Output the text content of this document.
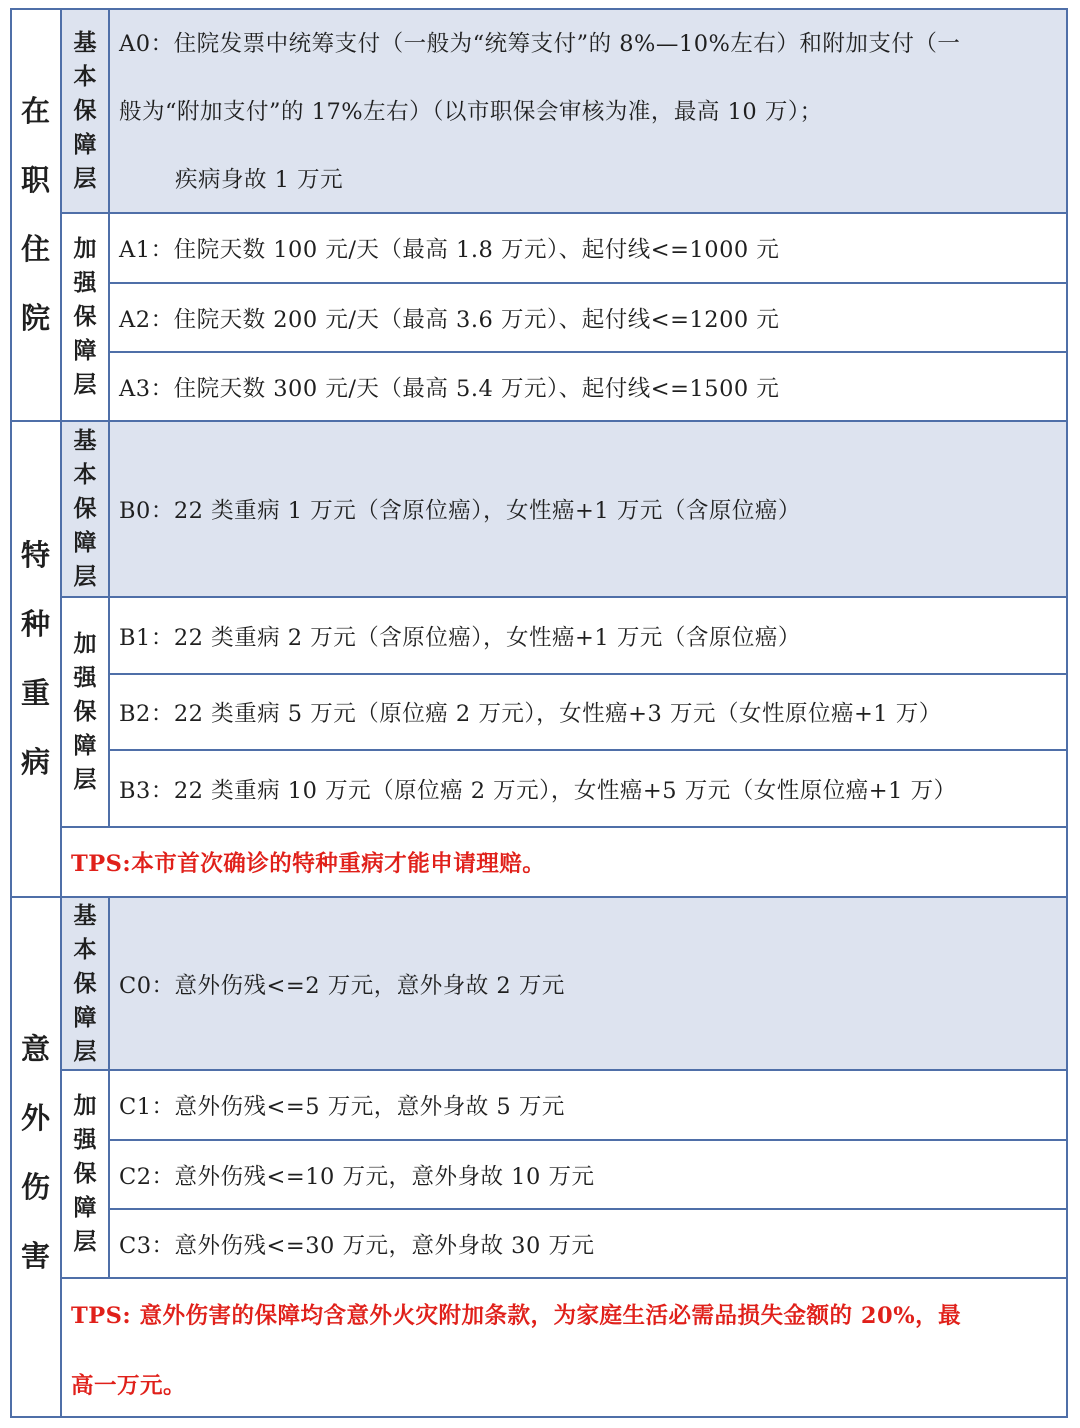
在
职
住
院
特
种
重
病
意
外
伤
害
基
本
保
障
层
加
强
保
障
层
基
本
保
障
层
加
强
保
障
层
基
本
保
障
层
加
强
保
障
层
A0：住院发票中统筹支付（一般为“统筹支付”的 8%—10%左右）和附加支付（一
般为“附加支付”的 17%左右）（以市职保会审核为准，最高 10 万）；
疾病身故 1 万元
A1：住院天数 100 元/天（最高 1.8 万元）、起付线<=1000 元
A2：住院天数 200 元/天（最高 3.6 万元）、起付线<=1200 元
A3：住院天数 300 元/天（最高 5.4 万元）、起付线<=1500 元
B0：22 类重病 1 万元（含原位癌），女性癌+1 万元（含原位癌）
B1：22 类重病 2 万元（含原位癌），女性癌+1 万元（含原位癌）
B2：22 类重病 5 万元（原位癌 2 万元），女性癌+3 万元（女性原位癌+1 万）
B3：22 类重病 10 万元（原位癌 2 万元），女性癌+5 万元（女性原位癌+1 万）
TPS:本市首次确诊的特种重病才能申请理赔。
C0：意外伤残<=2 万元，意外身故 2 万元
C1：意外伤残<=5 万元，意外身故 5 万元
C2：意外伤残<=10 万元，意外身故 10 万元
C3：意外伤残<=30 万元，意外身故 30 万元
TPS: 意外伤害的保障均含意外火灾附加条款，为家庭生活必需品损失金额的 20%，最
高一万元。
